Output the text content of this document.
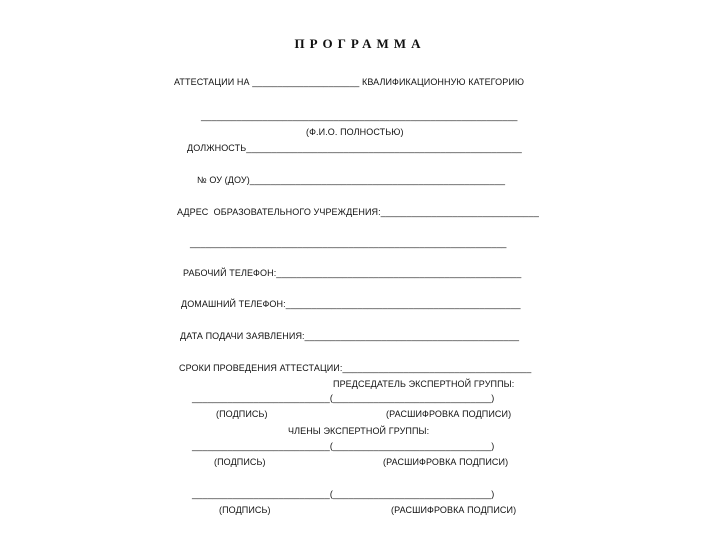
ПРОГРАММА
АТТЕСТАЦИИ НА _____________________ КВАЛИФИКАЦИОННУЮ КАТЕГОРИЮ
______________________________________________________________
(Ф.И.О. ПОЛНОСТЬЮ)
ДОЛЖНОСТЬ______________________________________________________
№ ОУ (ДОУ)__________________________________________________
АДРЕС  ОБРАЗОВАТЕЛЬНОГО УЧРЕЖДЕНИЯ:_______________________________
______________________________________________________________
РАБОЧИЙ ТЕЛЕФОН:________________________________________________
ДОМАШНИЙ ТЕЛЕФОН:______________________________________________
ДАТА ПОДАЧИ ЗАЯВЛЕНИЯ:__________________________________________
СРОКИ ПРОВЕДЕНИЯ АТТЕСТАЦИИ:_____________________________________
ПРЕДСЕДАТЕЛЬ ЭКСПЕРТНОЙ ГРУППЫ:
___________________________(_______________________________)
(ПОДПИСЬ)	(РАСШИФРОВКА ПОДПИСИ)
ЧЛЕНЫ ЭКСПЕРТНОЙ ГРУППЫ:
___________________________(_______________________________)
(ПОДПИСЬ)	(РАСШИФРОВКА ПОДПИСИ)
___________________________(_______________________________)
(ПОДПИСЬ)	(РАСШИФРОВКА ПОДПИСИ)
